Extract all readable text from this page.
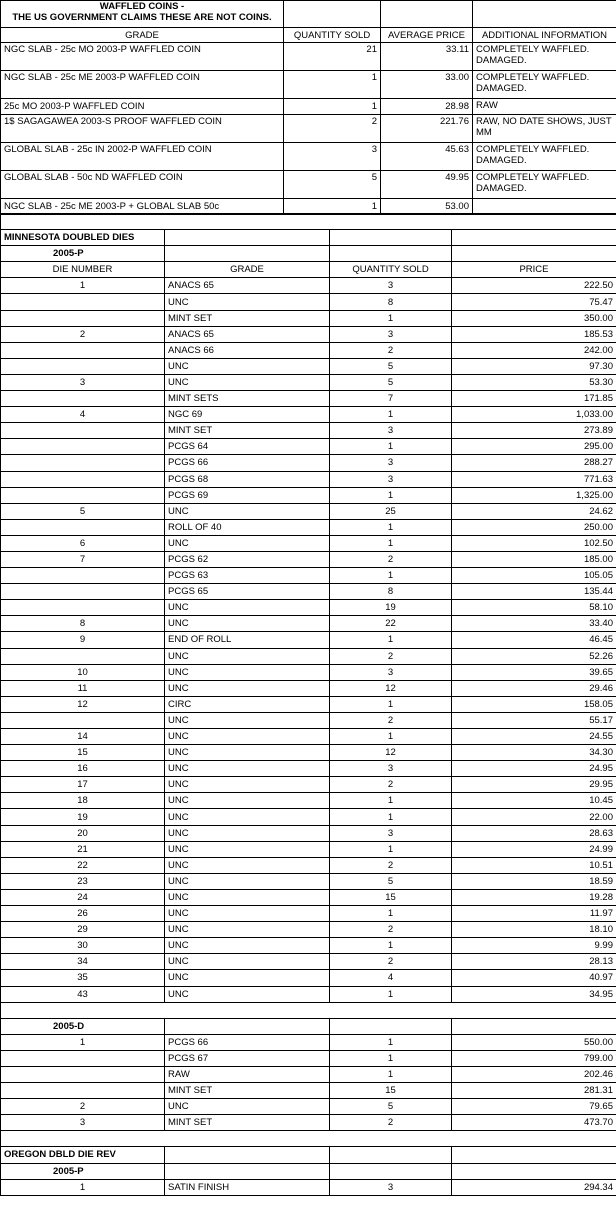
WAFFLED COINS -
THE US GOVERNMENT CLAIMS THESE ARE NOT COINS.			

GRADE	QUANTITY SOLD	AVERAGE PRICE	ADDITIONAL INFORMATION
NGC SLAB - 25c MO 2003-P WAFFLED COIN	21	33.11	COMPLETELY WAFFLED. DAMAGED.
NGC SLAB - 25c ME 2003-P WAFFLED COIN	1	33.00	COMPLETELY WAFFLED. DAMAGED.
25c MO 2003-P WAFFLED COIN	1	28.98	RAW
1$ SAGAGAWEA 2003-S PROOF WAFFLED COIN	2	221.76	RAW, NO DATE SHOWS, JUST MM
GLOBAL SLAB - 25c IN 2002-P WAFFLED COIN	3	45.63	COMPLETELY WAFFLED. DAMAGED.
GLOBAL SLAB - 50c ND WAFFLED COIN	5	49.95	COMPLETELY WAFFLED. DAMAGED.
NGC SLAB - 25c ME 2003-P + GLOBAL SLAB 50c	1	53.00	

MINNESOTA DOUBLED DIES			
2005-P			
DIE NUMBER	GRADE	QUANTITY SOLD	PRICE
1	ANACS 65	3	222.50
	UNC	8	75.47
	MINT SET	1	350.00
2	ANACS 65	3	185.53
	ANACS 66	2	242.00
	UNC	5	97.30
3	UNC	5	53.30
	MINT SETS	7	171.85
4	NGC 69	1	1,033.00
	MINT SET	3	273.89
	PCGS 64	1	295.00
	PCGS 66	3	288.27
	PCGS 68	3	771.63
	PCGS 69	1	1,325.00
5	UNC	25	24.62
	ROLL OF 40	1	250.00
6	UNC	1	102.50
7	PCGS 62	2	185.00
	PCGS 63	1	105.05
	PCGS 65	8	135.44
	UNC	19	58.10
8	UNC	22	33.40
9	END OF ROLL	1	46.45
	UNC	2	52.26
10	UNC	3	39.65
11	UNC	12	29.46
12	CIRC	1	158.05
	UNC	2	55.17
14	UNC	1	24.55
15	UNC	12	34.30
16	UNC	3	24.95
17	UNC	2	29.95
18	UNC	1	10.45
19	UNC	1	22.00
20	UNC	3	28.63
21	UNC	1	24.99
22	UNC	2	10.51
23	UNC	5	18.59
24	UNC	15	19.28
26	UNC	1	11.97
29	UNC	2	18.10
30	UNC	1	9.99
34	UNC	2	28.13
35	UNC	4	40.97
43	UNC	1	34.95

2005-D			
1	PCGS 66	1	550.00
	PCGS 67	1	799.00
	RAW	1	202.46
	MINT SET	15	281.31
2	UNC	5	79.65
3	MINT SET	2	473.70

OREGON DBLD DIE REV			
2005-P			
1	SATIN FINISH	3	294.34
